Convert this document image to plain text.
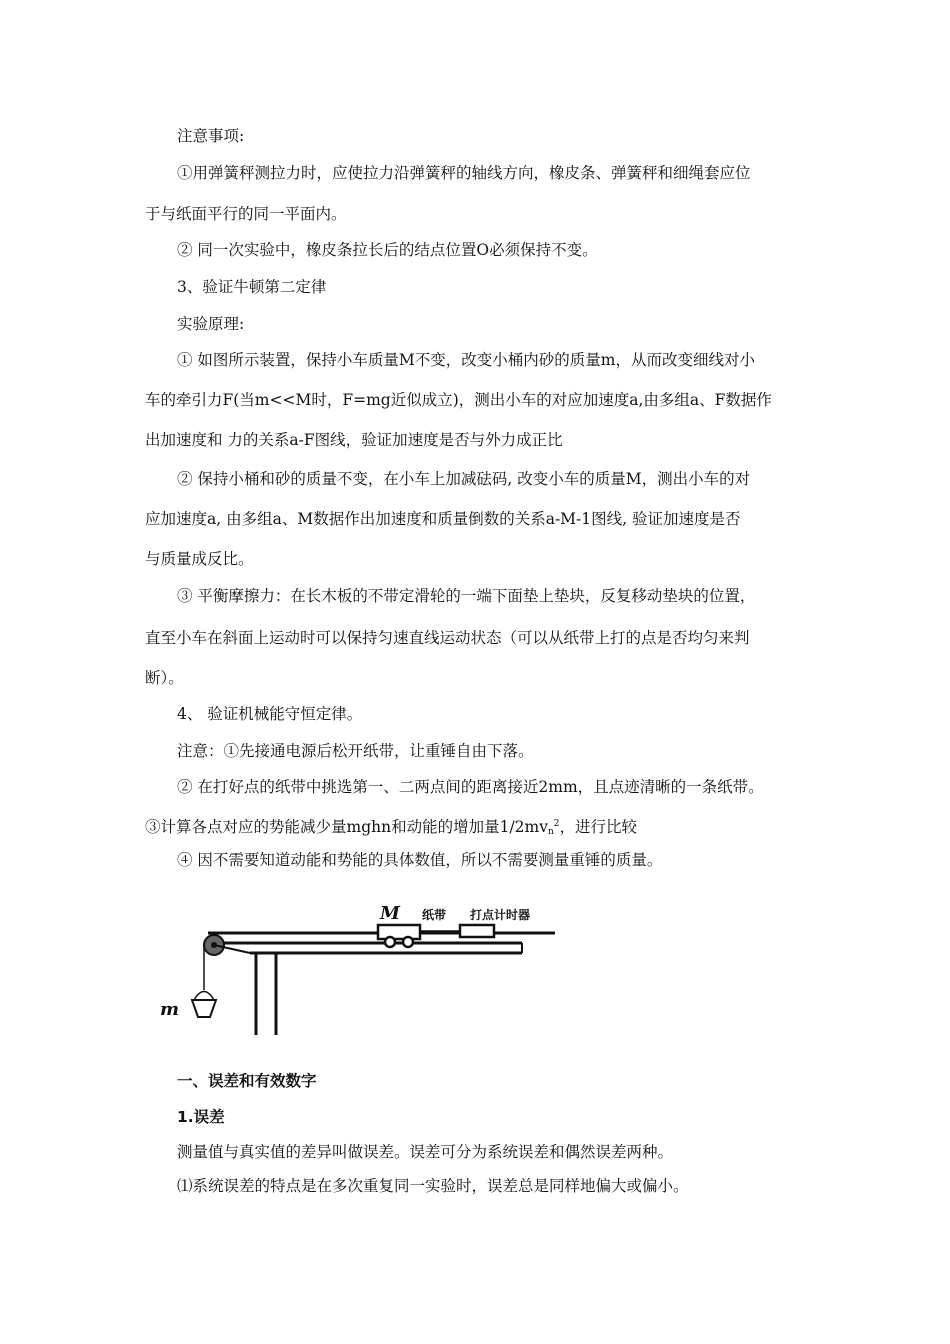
注意事项:
①用弹簧秤测拉力时，应使拉力沿弹簧秤的轴线方向，橡皮条、弹簧秤和细绳套应位
于与纸面平行的同一平面内。
② 同一次实验中，橡皮条拉长后的结点位置O必须保持不变。
3、验证牛顿第二定律
实验原理:
① 如图所示装置，保持小车质量M不变，改变小桶内砂的质量m，从而改变细线对小
车的牵引力F(当m<<M时，F=mg近似成立)，测出小车的对应加速度a,由多组a、F数据作
出加速度和 力的关系a-F图线，验证加速度是否与外力成正比
② 保持小桶和砂的质量不变，在小车上加减砝码, 改变小车的质量M，测出小车的对
应加速度a, 由多组a、M数据作出加速度和质量倒数的关系a-M-1图线, 验证加速度是否
与质量成反比。
③ 平衡摩擦力：在长木板的不带定滑轮的一端下面垫上垫块，反复移动垫块的位置，
直至小车在斜面上运动时可以保持匀速直线运动状态（可以从纸带上打的点是否均匀来判
断）。
4、 验证机械能守恒定律。
注意：①先接通电源后松开纸带，让重锤自由下落。
② 在打好点的纸带中挑选第一、二两点间的距离接近2mm，且点迹清晰的一条纸带。
③计算各点对应的势能减少量mghn和动能的增加量$1/2mv_n^2$，进行比较
④ 因不需要知道动能和势能的具体数值，所以不需要测量重锤的质量。
M 纸带 打点计时器
m
一、误差和有效数字
1.误差
测量值与真实值的差异叫做误差。误差可分为系统误差和偶然误差两种。
⑴系统误差的特点是在多次重复同一实验时，误差总是同样地偏大或偏小。
